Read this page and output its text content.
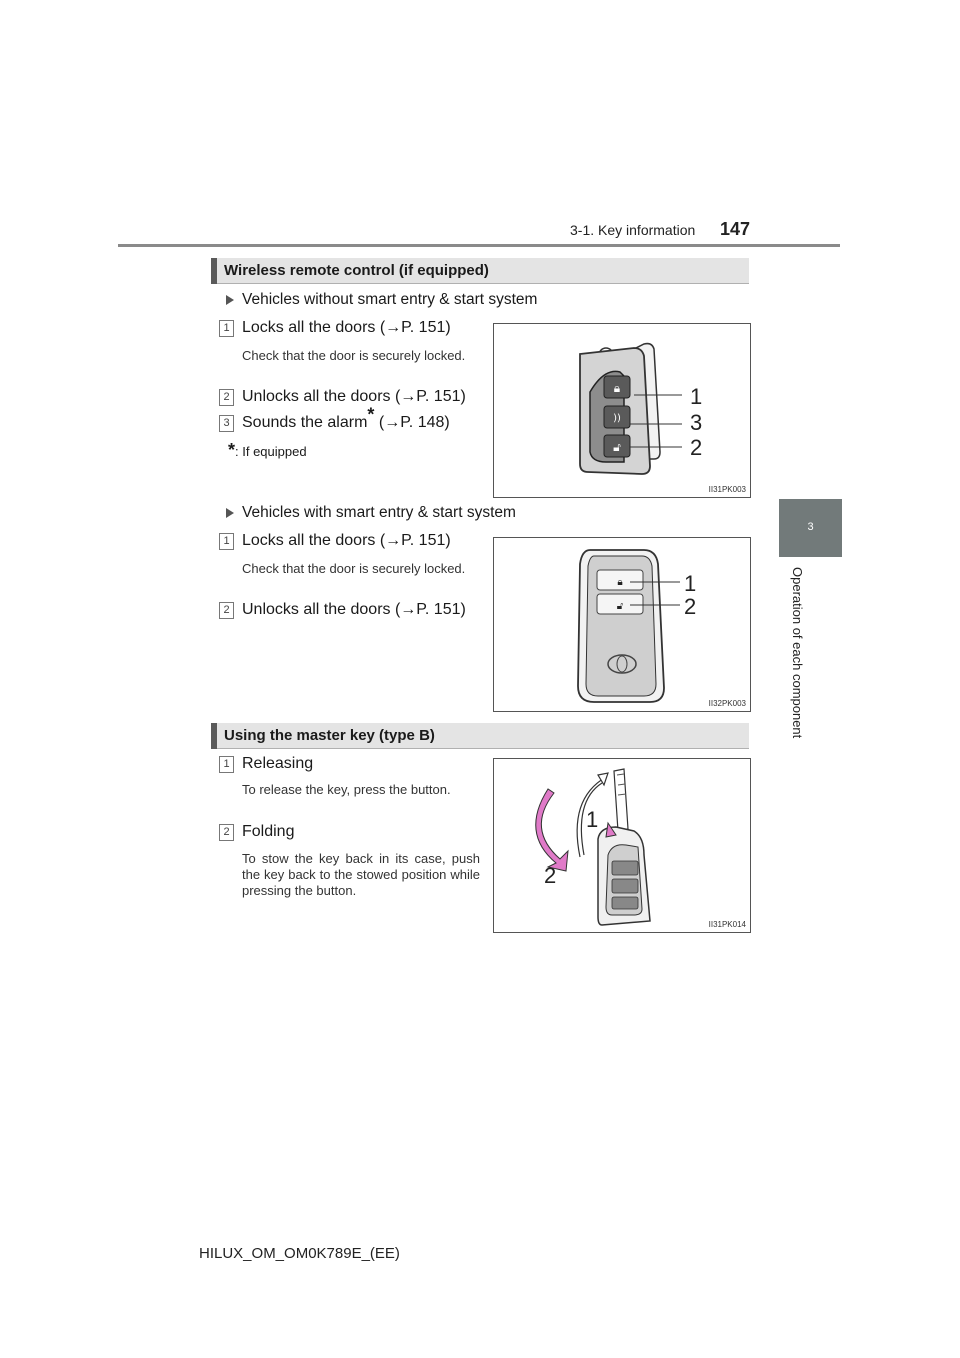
3-1. Key information 147
3
Operation of each component
Wireless remote control (if equipped)
Vehicles without smart entry & start system
1 Locks all the doors (→P. 151)
Check that the door is securely locked.
2 Unlocks all the doors (→P. 151)
3 Sounds the alarm* (→P. 148)
*: If equipped
🔒︎
))
🔓︎
1
3
2
II31PK003
Vehicles with smart entry & start system
1 Locks all the doors (→P. 151)
Check that the door is securely locked.
2 Unlocks all the doors (→P. 151)
🔒︎
🔓︎
1
2
II32PK003
Using the master key (type B)
1 Releasing
To release the key, press the button.
2 Folding
To stow the key back in its case, push the key back to the stowed position while pressing the button.
1
2
II31PK014
HILUX_OM_OM0K789E_(EE)
